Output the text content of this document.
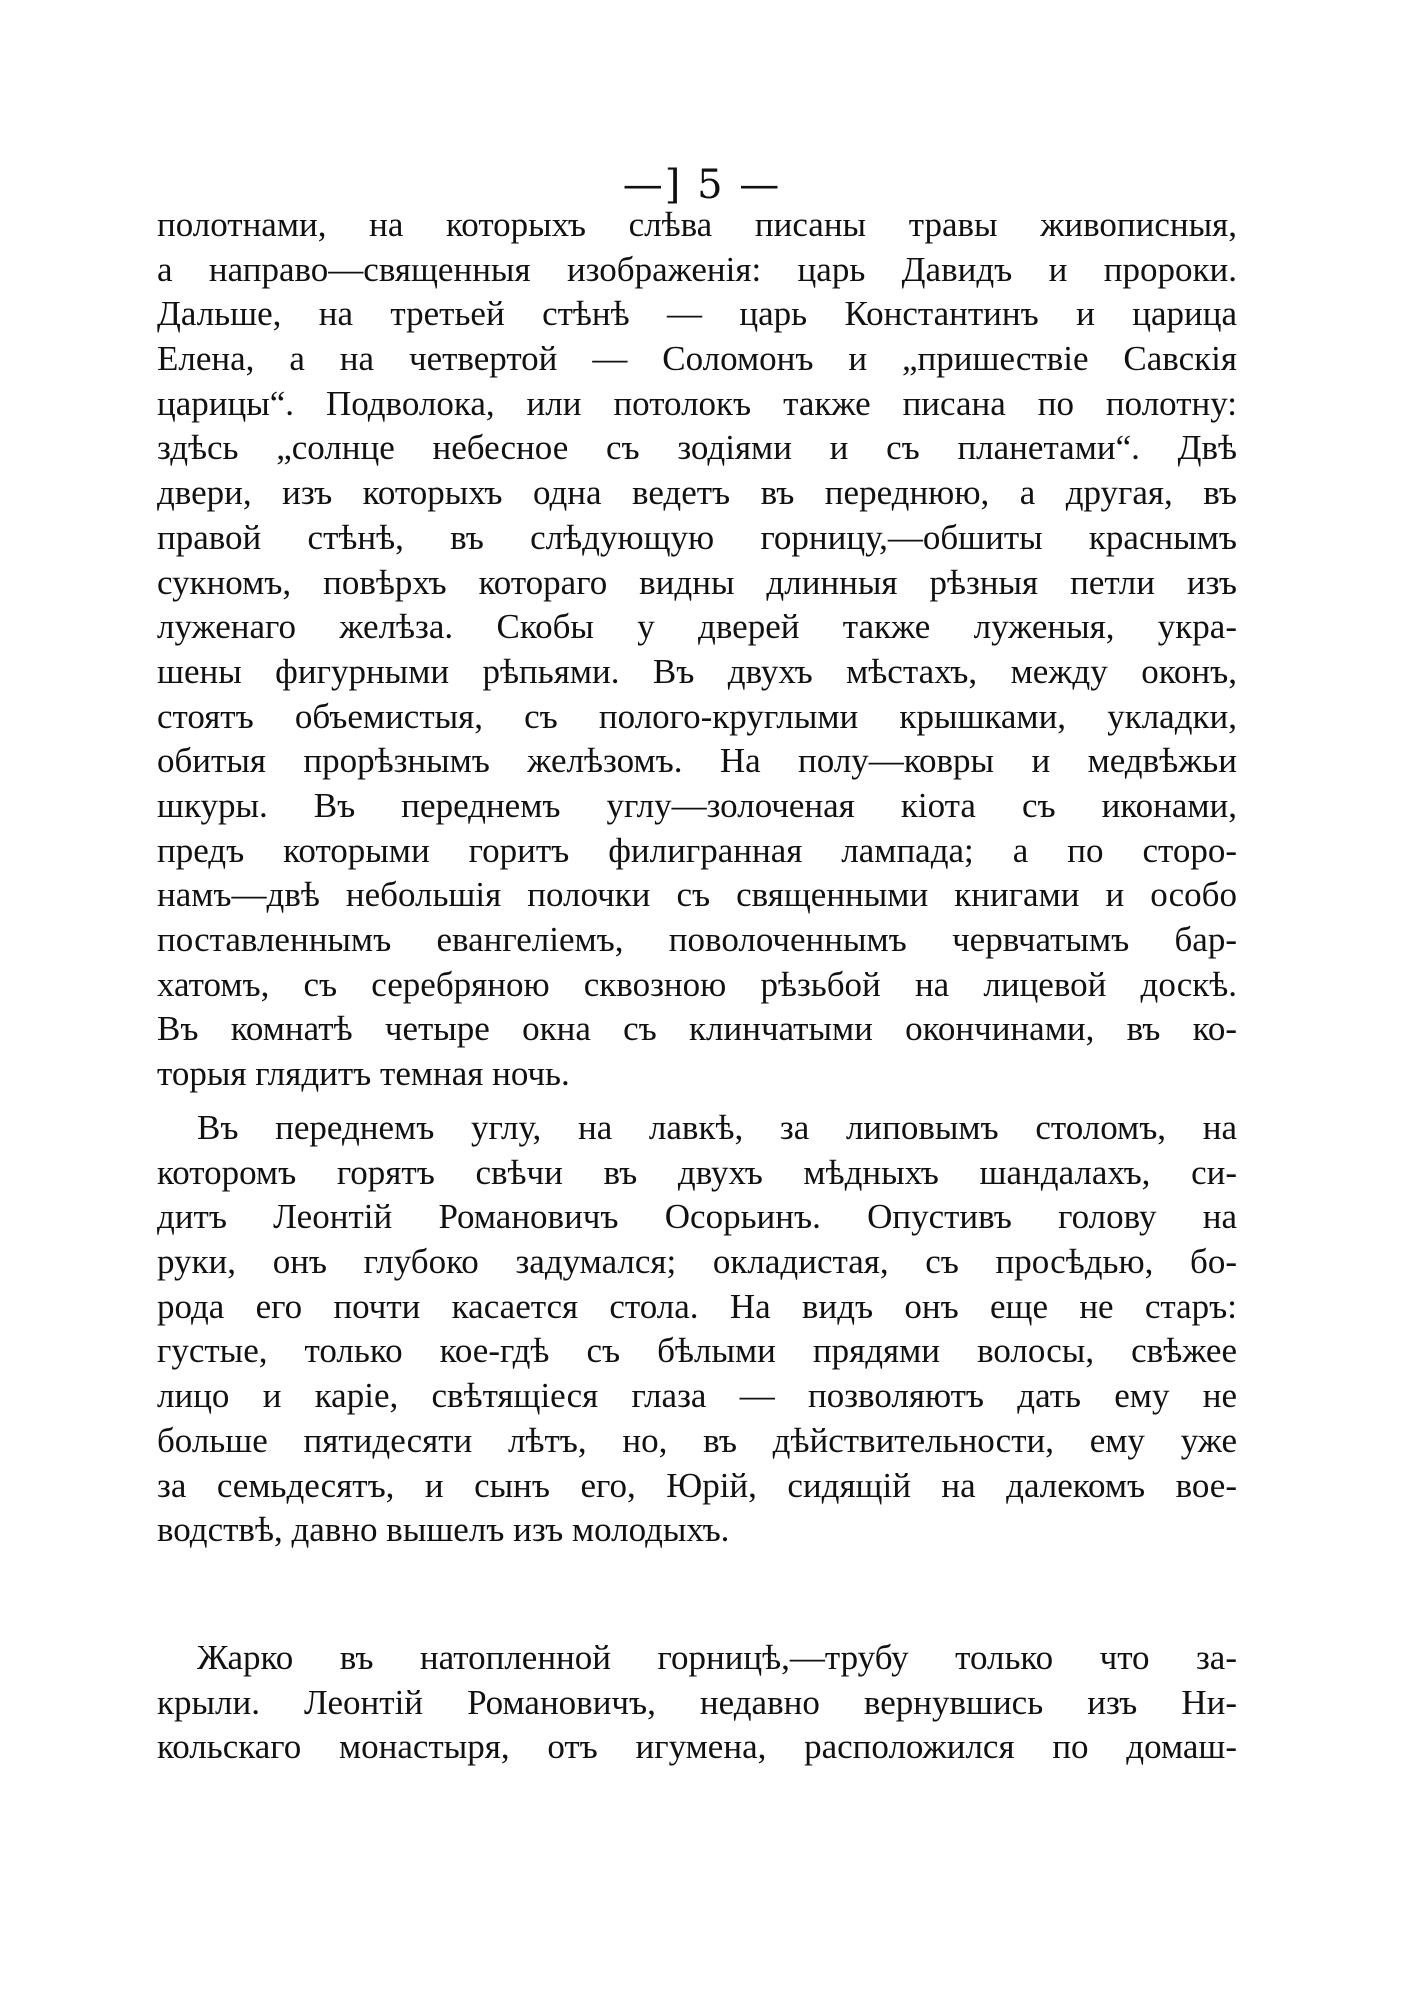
—] 5 —
полотнами, на которыхъ слѣва писаны травы живописныя,
а направо—священныя изображенія: царь Давидъ и пророки.
Дальше, на третьей стѣнѣ — царь Константинъ и царица
Елена, а на четвертой — Соломонъ и „пришествіе Савскія
царицы“. Подволока, или потолокъ также писана по полотну:
здѣсь „солнце небесное съ зодіями и съ планетами“. Двѣ
двери, изъ которыхъ одна ведетъ въ переднюю, а другая, въ
правой стѣнѣ, въ слѣдующую горницу,—обшиты краснымъ
сукномъ, повѣрхъ котораго видны длинныя рѣзныя петли изъ
луженаго желѣза. Скобы у дверей также луженыя, укра-
шены фигурными рѣпьями. Въ двухъ мѣстахъ, между оконъ,
стоятъ объемистыя, съ полого-круглыми крышками, укладки,
обитыя прорѣзнымъ желѣзомъ. На полу—ковры и медвѣжьи
шкуры. Въ переднемъ углу—золоченая кіота съ иконами,
предъ которыми горитъ филигранная лампада; а по сторо-
намъ—двѣ небольшія полочки съ священными книгами и особо
поставленнымъ евангеліемъ, поволоченнымъ червчатымъ бар-
хатомъ, съ серебряною сквозною рѣзьбой на лицевой доскѣ.
Въ комнатѣ четыре окна съ клинчатыми окончинами, въ ко-
торыя глядитъ темная ночь.
Въ переднемъ углу, на лавкѣ, за липовымъ столомъ, на
которомъ горятъ свѣчи въ двухъ мѣдныхъ шандалахъ, си-
дитъ Леонтій Романовичъ Осорьинъ. Опустивъ голову на
руки, онъ глубоко задумался; окладистая, съ просѣдью, бо-
рода его почти касается стола. На видъ онъ еще не старъ:
густые, только кое-гдѣ съ бѣлыми прядями волосы, свѣжее
лицо и каріе, свѣтящіеся глаза — позволяютъ дать ему не
больше пятидесяти лѣтъ, но, въ дѣйствительности, ему уже
за семьдесятъ, и сынъ его, Юрій, сидящій на далекомъ вое-
водствѣ, давно вышелъ изъ молодыхъ.
Жарко въ натопленной горницѣ,—трубу только что за-
крыли. Леонтій Романовичъ, недавно вернувшись изъ Ни-
кольскаго монастыря, отъ игумена, расположился по домаш-
